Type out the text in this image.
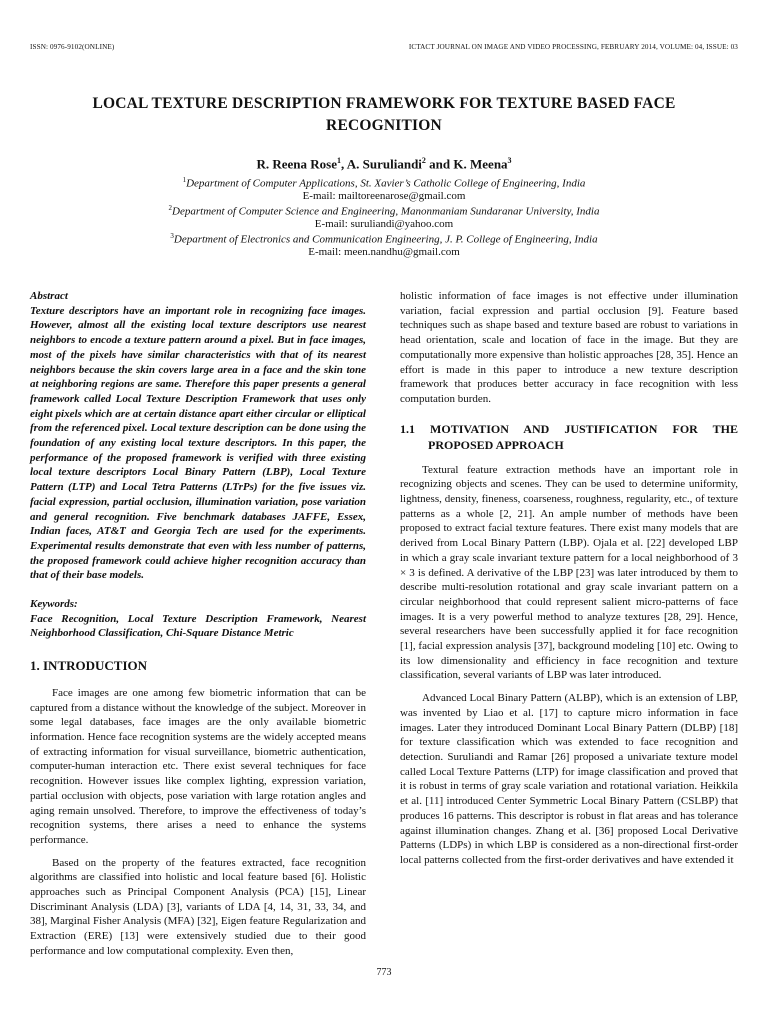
ISSN: 0976-9102(ONLINE)	ICTACT JOURNAL ON IMAGE AND VIDEO PROCESSING, FEBRUARY 2014, VOLUME: 04, ISSUE: 03
LOCAL TEXTURE DESCRIPTION FRAMEWORK FOR TEXTURE BASED FACE RECOGNITION
R. Reena Rose$^1$, A. Suruliandi$^2$ and K. Meena$^3$
$^1$Department of Computer Applications, St. Xavier’s Catholic College of Engineering, India
E-mail: mailtoreenarose@gmail.com
$^2$Department of Computer Science and Engineering, Manonmaniam Sundaranar University, India
E-mail: suruliandi@yahoo.com
$^3$Department of Electronics and Communication Engineering, J. P. College of Engineering, India
E-mail: meen.nandhu@gmail.com

Abstract

Texture descriptors have an important role in recognizing face images. However, almost all the existing local texture descriptors use nearest neighbors to encode a texture pattern around a pixel. But in face images, most of the pixels have similar characteristics with that of its nearest neighbors because the skin covers large area in a face and the skin tone at neighboring regions are same. Therefore this paper presents a general framework called Local Texture Description Framework that uses only eight pixels which are at certain distance apart either circular or elliptical from the referenced pixel. Local texture description can be done using the foundation of any existing local texture descriptors. In this paper, the performance of the proposed framework is verified with three existing local texture descriptors Local Binary Pattern (LBP), Local Texture Pattern (LTP) and Local Tetra Patterns (LTrPs) for the five issues viz. facial expression, partial occlusion, illumination variation, pose variation and general recognition. Five benchmark databases JAFFE, Essex, Indian faces, AT&T and Georgia Tech are used for the experiments. Experimental results demonstrate that even with less number of patterns, the proposed framework could achieve higher recognition accuracy than that of their base models.

Keywords:

Face Recognition, Local Texture Description Framework, Nearest Neighborhood Classification, Chi-Square Distance Metric

1. INTRODUCTION

Face images are one among few biometric information that can be captured from a distance without the knowledge of the subject. Moreover in some legal databases, face images are the only available biometric information. Hence face recognition systems are the widely accepted means of extracting information for visual surveillance, biometric authentication, computer-human interaction etc. There exist several techniques for face recognition. However issues like complex lighting, expression variation, partial occlusion with objects, pose variation with large rotation angles and aging remain unsolved. Therefore, to improve the effectiveness of today’s recognition systems, there arises a need to enhance the systems performance.

Based on the property of the features extracted, face recognition algorithms are classified into holistic and local feature based [6]. Holistic approaches such as Principal Component Analysis (PCA) [15], Linear Discriminant Analysis (LDA) [3], variants of LDA [4, 14, 31, 33, 34, and 38], Marginal Fisher Analysis (MFA) [32], Eigen feature Regularization and Extraction (ERE) [13] were extensively studied due to their good performance and low computational complexity. Even then,

holistic information of face images is not effective under illumination variation, facial expression and partial occlusion [9]. Feature based techniques such as shape based and texture based are robust to variations in head orientation, scale and location of face in the image. But they are computationally more expensive than holistic approaches [28, 35]. Hence an effort is made in this paper to introduce a new texture description framework that produces better accuracy in face recognition with less computation burden.

1.1 MOTIVATION AND JUSTIFICATION FOR THE PROPOSED APPROACH

Textural feature extraction methods have an important role in recognizing objects and scenes. They can be used to determine uniformity, lightness, density, fineness, coarseness, roughness, regularity, etc., of texture patterns as a whole [2, 21]. An ample number of methods have been proposed to extract facial texture features. There exist many models that are derived from Local Binary Pattern (LBP). Ojala et al. [22] developed LBP in which a gray scale invariant texture pattern for a local neighborhood of 3 × 3 is defined. A derivative of the LBP [23] was later introduced by them to describe multi-resolution rotational and gray scale invariant pattern on a circular neighborhood that could represent salient micro-patterns of face images. It is a very powerful method to analyze textures [28, 29]. Hence, several researchers have been successfully applied it for face recognition [1], facial expression analysis [37], background modeling [10] etc. Owing to its low dimensionality and efficiency in face recognition and texture classification, several variants of LBP was later introduced.

Advanced Local Binary Pattern (ALBP), which is an extension of LBP, was invented by Liao et al. [17] to capture micro information in face images. Later they introduced Dominant Local Binary Pattern (DLBP) [18] for texture classification which was extended to face recognition and detection. Suruliandi and Ramar [26] proposed a univariate texture model called Local Texture Patterns (LTP) for image classification and proved that it is robust in terms of gray scale variation and rotational variation. Heikkila et al. [11] introduced Center Symmetric Local Binary Pattern (CSLBP) that produces 16 patterns. This descriptor is robust in flat areas and has tolerance against illumination changes. Zhang et al. [36] proposed Local Derivative Patterns (LDPs) in which LBP is considered as a non-directional first-order local patterns collected from the first-order derivatives and have extended it

773
